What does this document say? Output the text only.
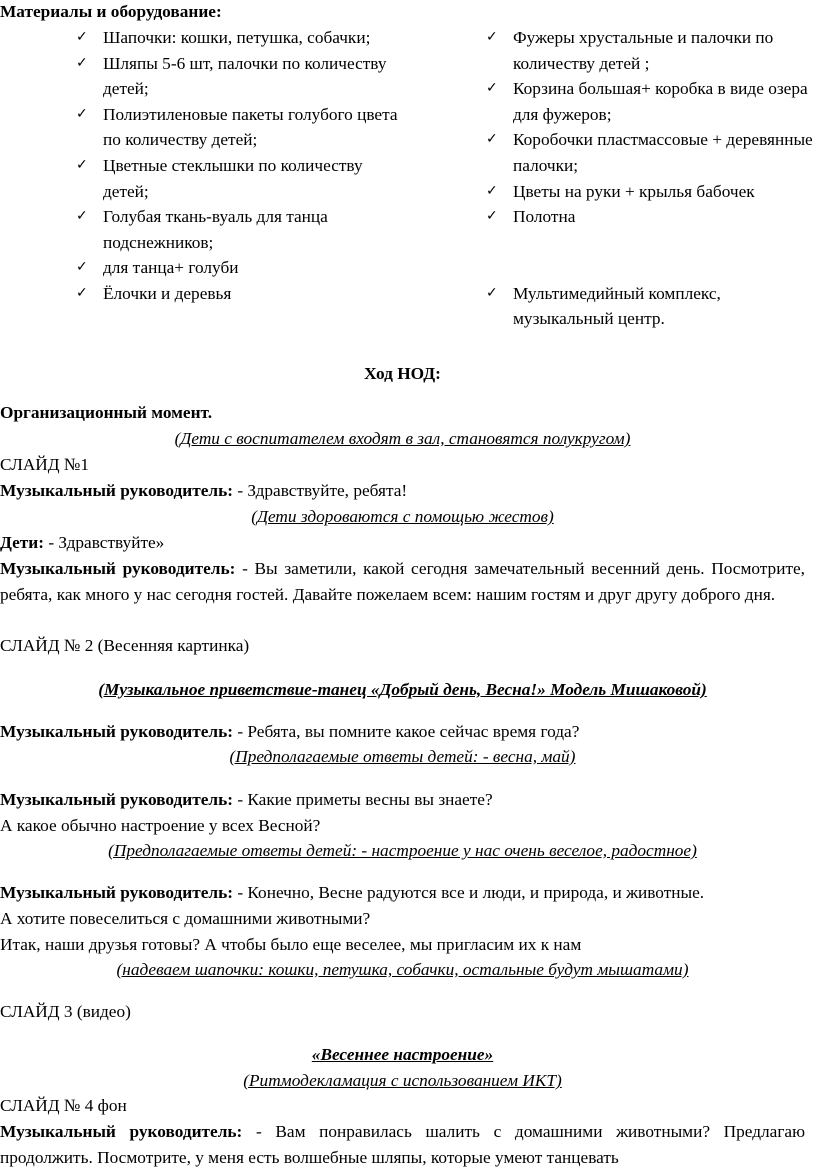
Материалы и оборудование:
✓ Шапочки: кошки, петушка, собачки;
✓ Шляпы 5-6 шт, палочки по количеству детей;
✓ Полиэтиленовые пакеты голубого цвета по количеству детей;
✓ Цветные стеклышки по количеству детей;
✓ Голубая ткань-вуаль для танца подснежников;
✓ для танца+ голуби
✓ Ёлочки и деревья
✓ Фужеры хрустальные и палочки по количеству детей ;
✓ Корзина большая+ коробка в виде озера для фужеров;
✓ Коробочки пластмассовые + деревянные палочки;
✓ Цветы на руки + крылья бабочек
✓ Полотна
✓ Мультимедийный комплекс, музыкальный центр.
Ход НОД:
Организационный момент.
(Дети с воспитателем входят в зал, становятся полукругом)
СЛАЙД №1
Музыкальный руководитель: - Здравствуйте, ребята!
(Дети здороваются с помощью жестов)
Дети: - Здравствуйте»
Музыкальный руководитель: - Вы заметили, какой сегодня замечательный весенний день. Посмотрите, ребята, как много у нас сегодня гостей. Давайте пожелаем всем: нашим гостям и друг другу доброго дня.
СЛАЙД № 2 (Весенняя картинка)
(Музыкальное приветствие-танец «Добрый день, Весна!» Модель Мишаковой)
Музыкальный руководитель: - Ребята, вы помните какое сейчас время года?
(Предполагаемые ответы детей: - весна, май)
Музыкальный руководитель: - Какие приметы весны вы знаете?
А какое обычно настроение у всех Весной?
(Предполагаемые ответы детей: - настроение у нас очень веселое, радостное)
Музыкальный руководитель: - Конечно, Весне радуются все и люди, и природа, и животные.
А хотите повеселиться с домашними животными?
Итак, наши друзья готовы? А чтобы было еще веселее, мы пригласим их к нам
(надеваем шапочки: кошки, петушка, собачки, остальные будут мышатами)
СЛАЙД 3 (видео)
«Весеннее настроение»
(Ритмодекламация с использованием ИКТ)
СЛАЙД № 4 фон
Музыкальный руководитель: - Вам понравилась шалить с домашними животными? Предлагаю продолжить. Посмотрите, у меня есть волшебные шляпы, которые умеют танцевать
